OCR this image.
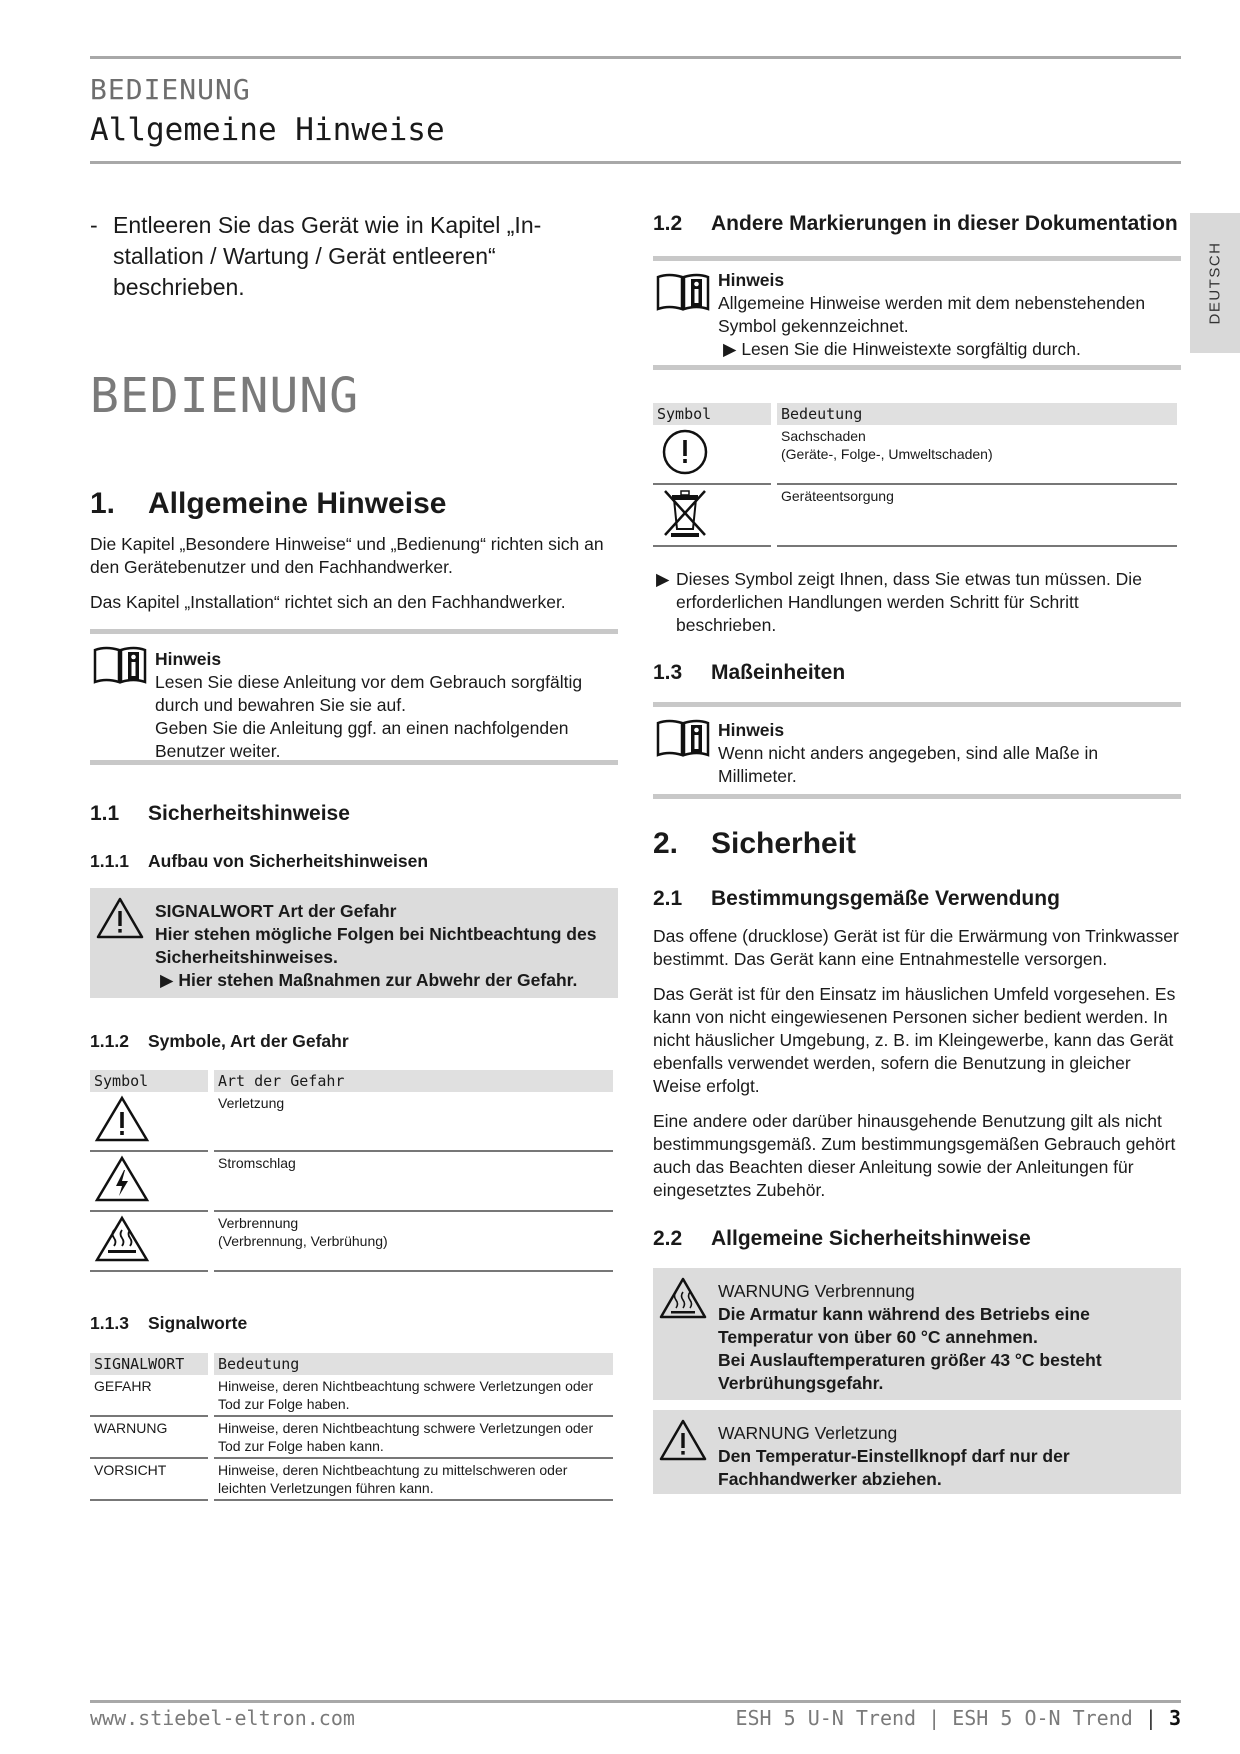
BEDIENUNG
Allgemeine Hinweise
DEUTSCH
- Entleeren Sie das Gerät wie in Kapitel „In-
stallation / Wartung / Gerät entleeren“
beschrieben.
BEDIENUNG
1. Allgemeine Hinweise

Die Kapitel „Besondere Hinweise“ und „Bedienung“ richten sich an den Gerätebenutzer und den Fachhandwerker.

Das Kapitel „Installation“ richtet sich an den Fachhandwerker.

Hinweis
Lesen Sie diese Anleitung vor dem Gebrauch sorgfältig durch und bewahren Sie sie auf.
Geben Sie die Anleitung ggf. an einen nachfolgenden Benutzer weiter.
1.1 Sicherheitshinweise
1.1.1 Aufbau von Sicherheitshinweisen
SIGNALWORT Art der Gefahr
Hier stehen mögliche Folgen bei Nichtbeachtung des Sicherheitshinweises.
▶ Hier stehen Maßnahmen zur Abwehr der Gefahr.
1.1.2 Symbole, Art der Gefahr
Symbol		Art der Gefahr

Verletzung

Stromschlag

Verbrennung
(Verbrennung, Verbrühung)
1.1.3 Signalworte
SIGNALWORT		Bedeutung
GEFAHR		Hinweise, deren Nichtbeachtung schwere Verletzungen oder Tod zur Folge haben.
WARNUNG		Hinweise, deren Nichtbeachtung schwere Verletzungen oder Tod zur Folge haben kann.
VORSICHT		Hinweise, deren Nichtbeachtung zu mittelschweren oder leichten Verletzungen führen kann.
1.2 Andere Markierungen in dieser Dokumentation
Hinweis
Allgemeine Hinweise werden mit dem nebenstehenden Symbol gekennzeichnet.
▶ Lesen Sie die Hinweistexte sorgfältig durch.
Symbol		Bedeutung

Sachschaden
(Geräte-, Folge-, Umweltschaden)

Geräteentsorgung
▶ Dieses Symbol zeigt Ihnen, dass Sie etwas tun müssen. Die erforderlichen Handlungen werden Schritt für Schritt beschrieben.
1.3 Maßeinheiten
Hinweis
Wenn nicht anders angegeben, sind alle Maße in Millimeter.
2. Sicherheit
2.1 Bestimmungsgemäße Verwendung

Das offene (drucklose) Gerät ist für die Erwärmung von Trinkwasser bestimmt. Das Gerät kann eine Entnahmestelle versorgen.

Das Gerät ist für den Einsatz im häuslichen Umfeld vorgesehen. Es kann von nicht eingewiesenen Personen sicher bedient werden. In nicht häuslicher Umgebung, z. B. im Kleingewerbe, kann das Gerät ebenfalls verwendet werden, sofern die Benutzung in gleicher Weise erfolgt.

Eine andere oder darüber hinausgehende Benutzung gilt als nicht bestimmungsgemäß. Zum bestimmungsgemäßen Gebrauch gehört auch das Beachten dieser Anleitung sowie der Anleitungen für eingesetztes Zubehör.

2.2 Allgemeine Sicherheitshinweise
WARNUNG Verbrennung
Die Armatur kann während des Betriebs eine Temperatur von über 60 °C annehmen.
Bei Auslauftemperaturen größer 43 °C besteht Verbrühungsgefahr.
WARNUNG Verletzung
Den Temperatur-Einstellknopf darf nur der Fachhandwerker abziehen.
www.stiebel-eltron.com	ESH 5 U-N Trend | ESH 5 O-N Trend | 3
